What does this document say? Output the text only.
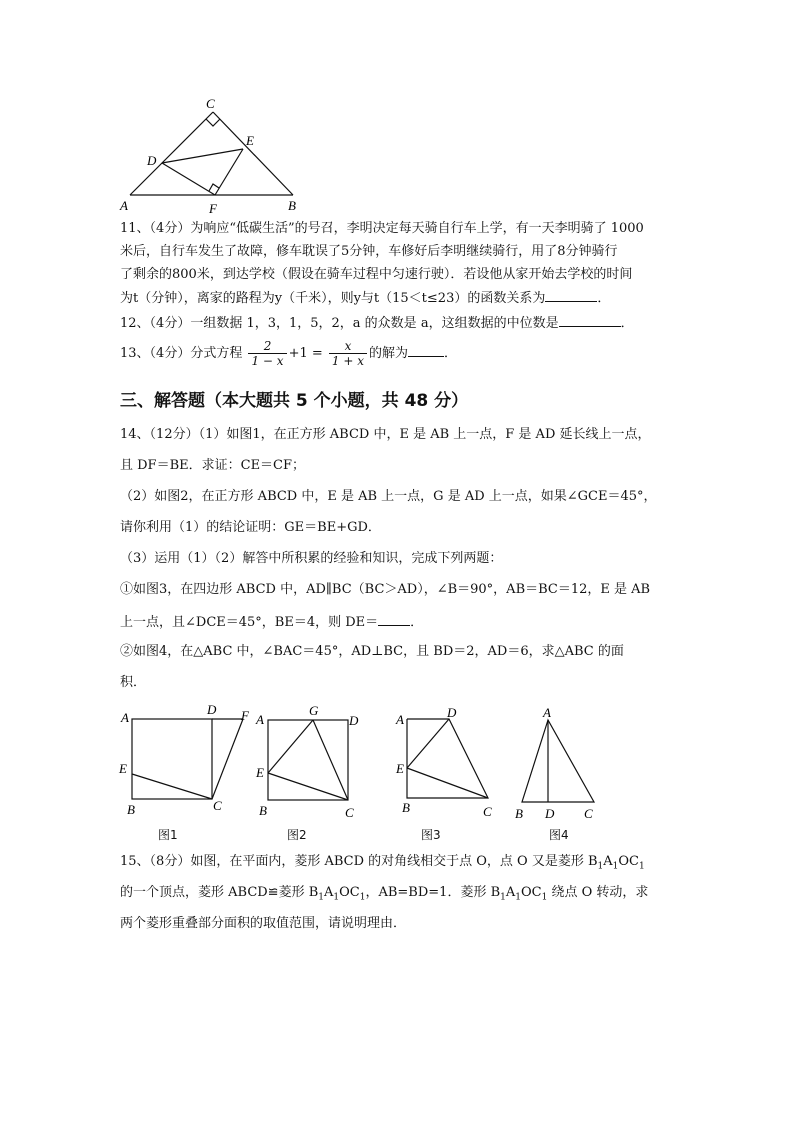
C
E
D
A	F	B
11、（4分）为响应“低碳生活”的号召，李明决定每天骑自行车上学，有一天李明骑了 1000
米后，自行车发生了故障，修车耽误了5分钟，车修好后李明继续骑行，用了8分钟骑行
了剩余的800米，到达学校（假设在骑车过程中匀速行驶）．若设他从家开始去学校的时间
为t（分钟），离家的路程为y（千米），则y与t（15＜t≤23）的函数关系为	．
12、（4分）一组数据 1，3，1，5，2，a 的众数是 a，这组数据的中位数是	．
13、（4分）分式方程 $\frac{2}{1 - x} +1 = \frac{x}{1 + x}$ 的解为	．
三、解答题（本大题共 5 个小题，共 48 分）
14、（12分）（1）如图1，在正方形 ABCD 中，E 是 AB 上一点，F 是 AD 延长线上一点，
且 DF＝BE．求证：CE＝CF；
（2）如图2，在正方形 ABCD 中，E 是 AB 上一点，G 是 AD 上一点，如果∠GCE＝45°，
请你利用（1）的结论证明：GE＝BE+GD．
（3）运用（1）（2）解答中所积累的经验和知识，完成下列两题：
①如图3，在四边形 ABCD 中，AD∥BC（BC＞AD），∠B＝90°，AB＝BC＝12，E 是 AB
上一点，且∠DCE＝45°，BE＝4，则 DE＝ ．
②如图4，在△ABC 中，∠BAC＝45°，AD⊥BC，且 BD＝2，AD＝6，求△ABC 的面
积．
A
D F
E
B	C
A
G
D
E
B	C
A	D
E
B	C
A
B D C
图1	图2	图3	图4
15、（8分）如图，在平面内，菱形 ABCD 的对角线相交于点 O，点 O 又是菱形 $B_1A_1OC_1$
的一个顶点，菱形 ABCD≌菱形 $B_1A_1OC_1$，AB=BD=1．菱形 $B_1A_1OC_1$ 绕点 O 转动，求
两个菱形重叠部分面积的取值范围，请说明理由．
